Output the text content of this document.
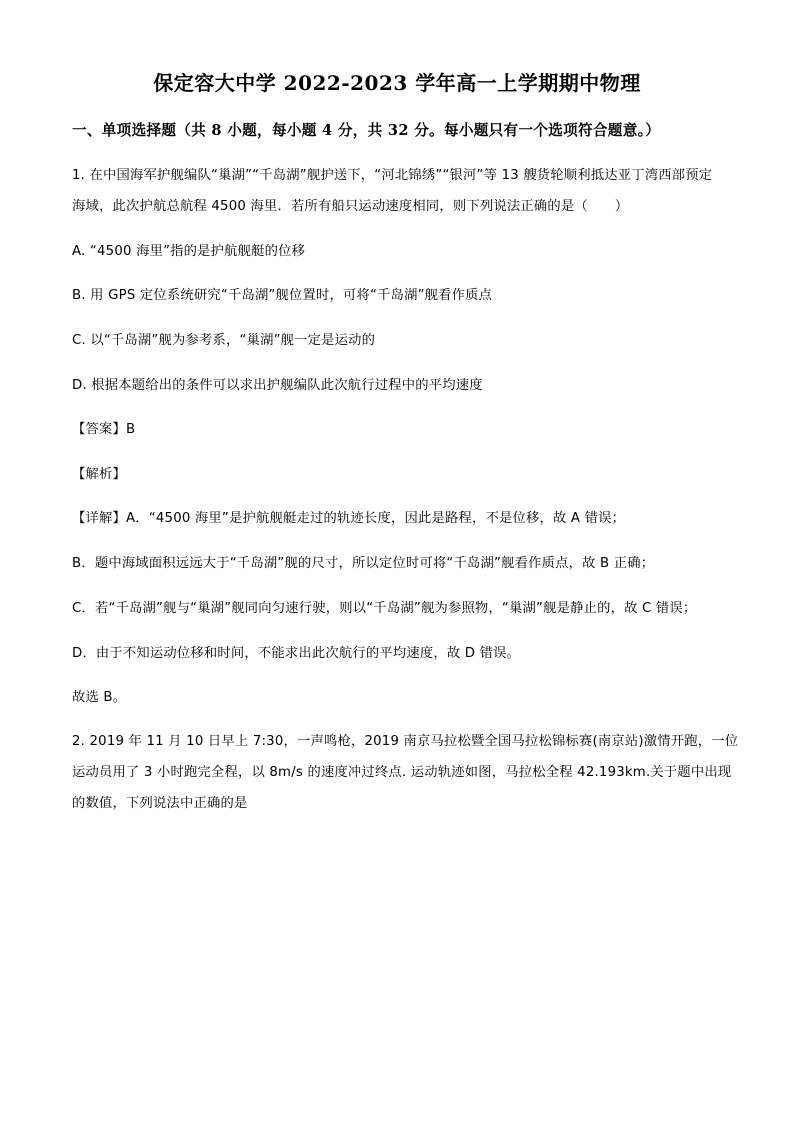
保定容大中学 2022-2023 学年高一上学期期中物理
一、单项选择题（共 8 小题，每小题 4 分，共 32 分。每小题只有一个选项符合题意。）
1. 在中国海军护舰编队“巢湖”“千岛湖”舰护送下，“河北锦绣”“银河”等 13 艘货轮顺利抵达亚丁湾西部预定
海域，此次护航总航程 4500 海里．若所有船只运动速度相同，则下列说法正确的是（　　）
A. “4500 海里”指的是护航舰艇的位移
B. 用 GPS 定位系统研究“千岛湖”舰位置时，可将“千岛湖”舰看作质点
C. 以“千岛湖”舰为参考系，“巢湖”舰一定是运动的
D. 根据本题给出的条件可以求出护舰编队此次航行过程中的平均速度
【答案】B
【解析】
【详解】A．“4500 海里”是护航舰艇走过的轨迹长度，因此是路程，不是位移，故 A 错误；
B．题中海域面积远远大于“千岛湖”舰的尺寸，所以定位时可将“千岛湖”舰看作质点，故 B 正确；
C．若“千岛湖”舰与“巢湖”舰同向匀速行驶，则以“千岛湖”舰为参照物，“巢湖”舰是静止的，故 C 错误；
D．由于不知运动位移和时间，不能求出此次航行的平均速度，故 D 错误。
故选 B。
2. 2019 年 11 月 10 日早上 7:30，一声鸣枪，2019 南京马拉松暨全国马拉松锦标赛(南京站)激情开跑，一位
运动员用了 3 小时跑完全程，以 8m/s 的速度冲过终点. 运动轨迹如图，马拉松全程 42.193km.关于题中出现
的数值，下列说法中正确的是
